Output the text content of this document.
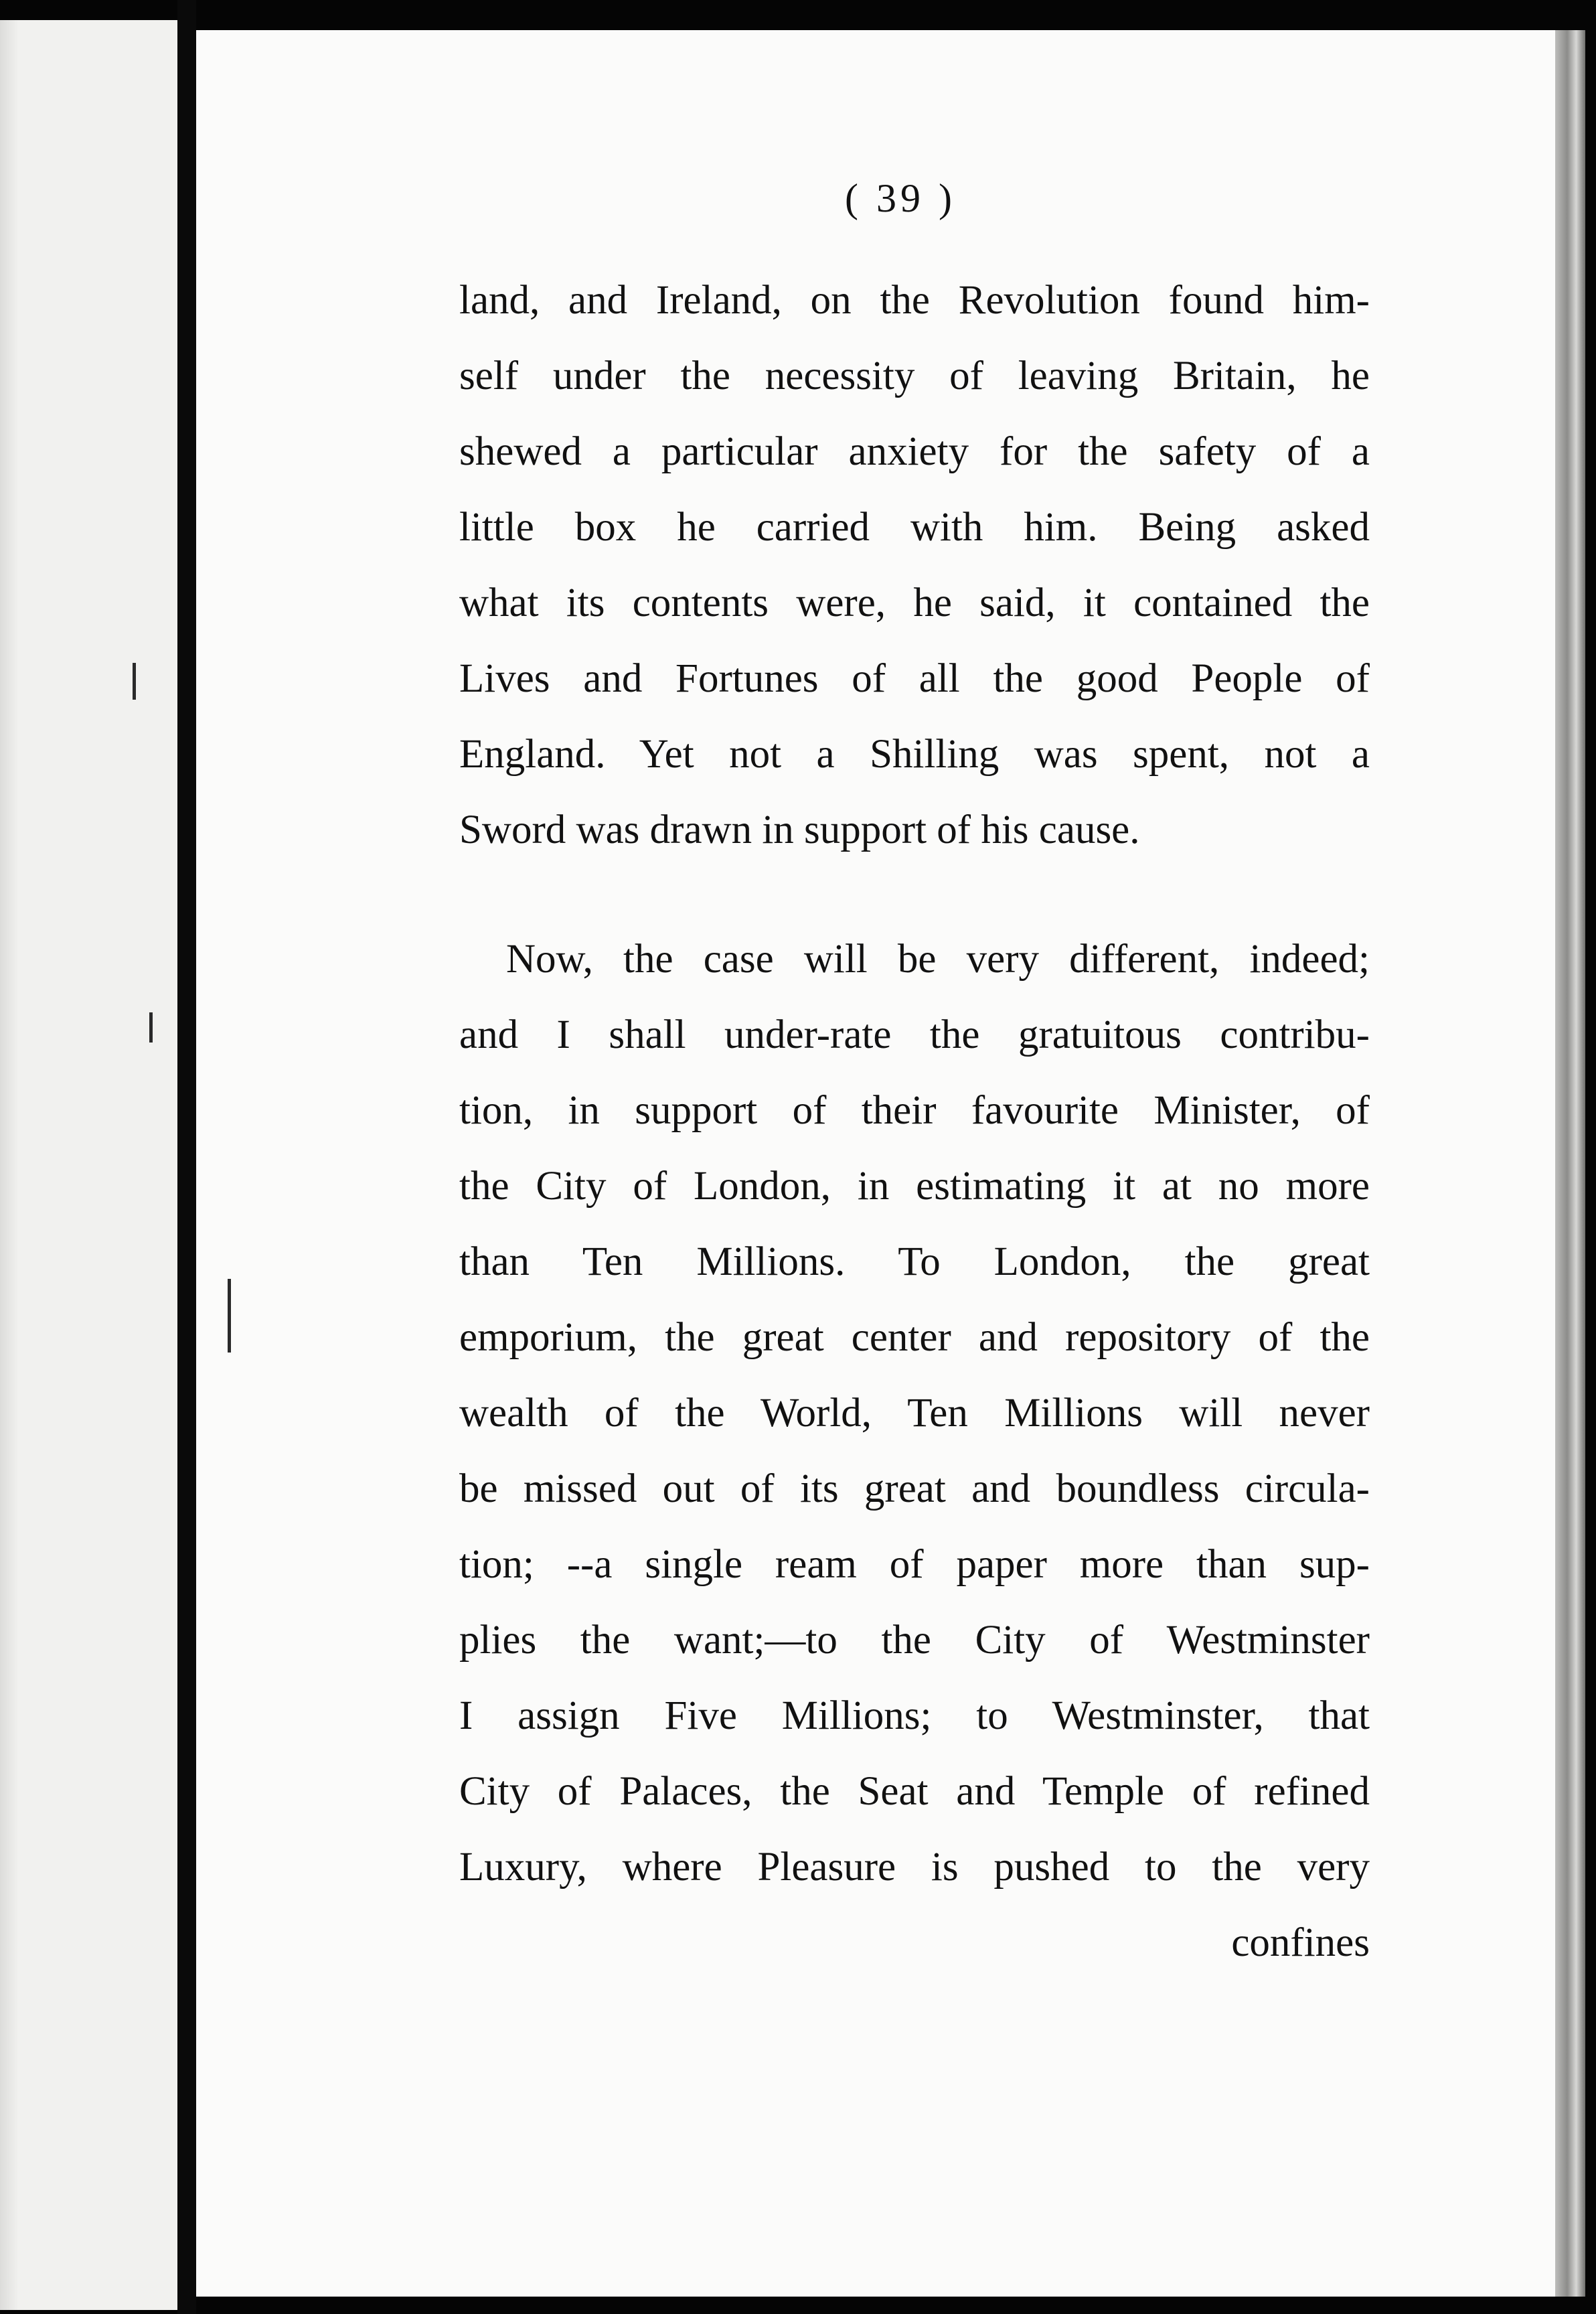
( 39 )
land, and Ireland, on the Revolution found him-
self under the necessity of leaving Britain, he
shewed a particular anxiety for the safety of a
little box he carried with him. Being asked
what its contents were, he said, it contained the
Lives and Fortunes of all the good People of
England. Yet not a Shilling was spent, not a
Sword was drawn in support of his cause.
Now, the case will be very different, indeed;
and I shall under-rate the gratuitous contribu-
tion, in support of their favourite Minister, of
the City of London, in estimating it at no more
than Ten Millions. To London, the great
emporium, the great center and repository of the
wealth of the World, Ten Millions will never
be missed out of its great and boundless circula-
tion; --a single ream of paper more than sup-
plies the want;—to the City of Westminster
I assign Five Millions; to Westminster, that
City of Palaces, the Seat and Temple of refined
Luxury, where Pleasure is pushed to the very
confines
